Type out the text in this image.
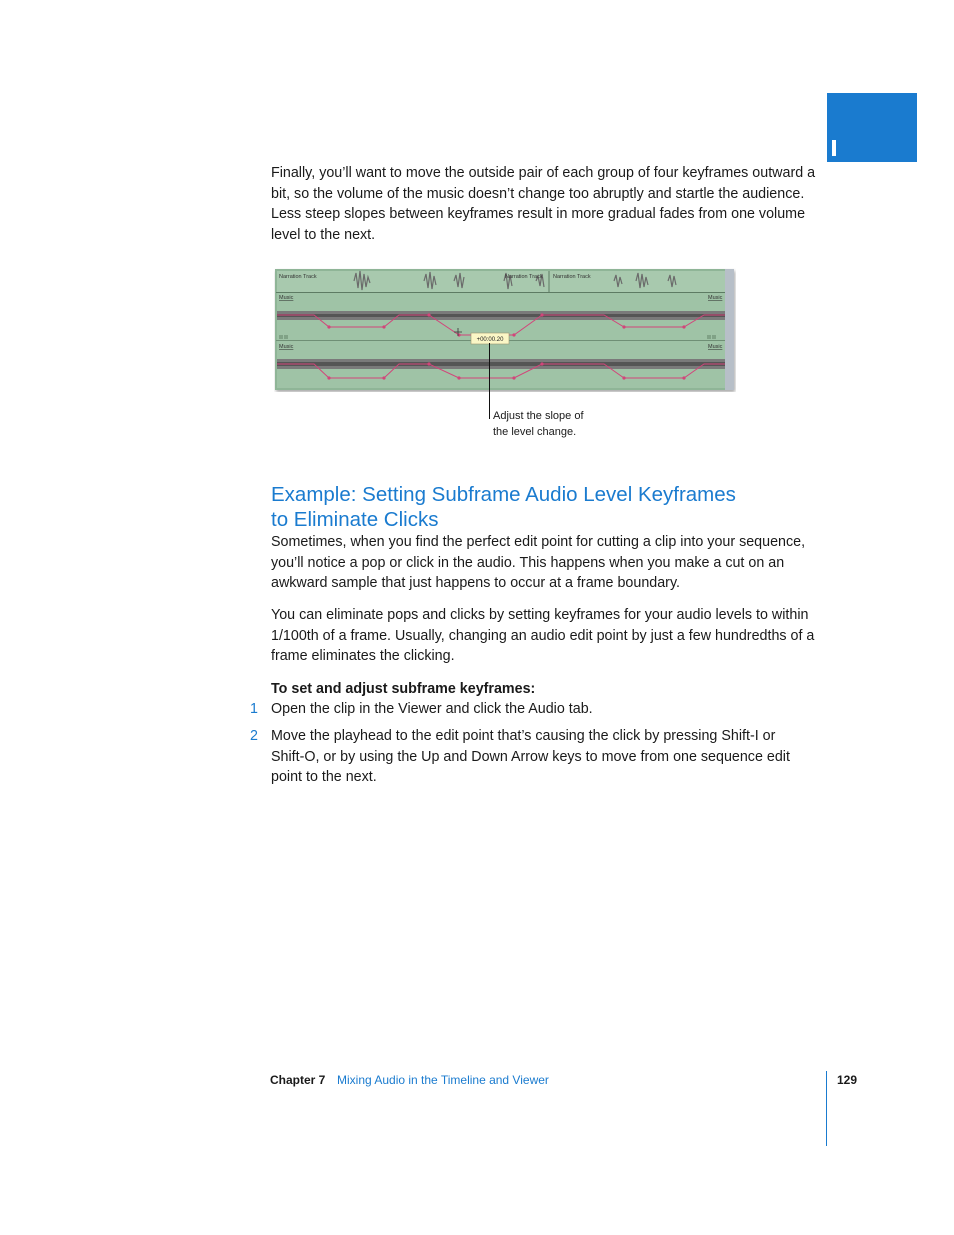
Finally, you’ll want to move the outside pair of each group of four keyframes outward a bit, so the volume of the music doesn’t change too abruptly and startle the audience. Less steep slopes between keyframes result in more gradual fades from one volume level to the next.

Narration Track	Narration Track Narration Track
Music	Music
Music	Music
+00:00.20
Adjust the slope of
the level change.
Example: Setting Subframe Audio Level Keyframes
to Eliminate Clicks

Sometimes, when you find the perfect edit point for cutting a clip into your sequence, you’ll notice a pop or click in the audio. This happens when you make a cut on an awkward sample that just happens to occur at a frame boundary.

You can eliminate pops and clicks by setting keyframes for your audio levels to within 1/100th of a frame. Usually, changing an audio edit point by just a few hundredths of a frame eliminates the clicking.

To set and adjust subframe keyframes:

1 Open the clip in the Viewer and click the Audio tab.

2 Move the playhead to the edit point that’s causing the click by pressing Shift-I or Shift-O, or by using the Up and Down Arrow keys to move from one sequence edit point to the next.

Chapter 7 Mixing Audio in the Timeline and Viewer	129
